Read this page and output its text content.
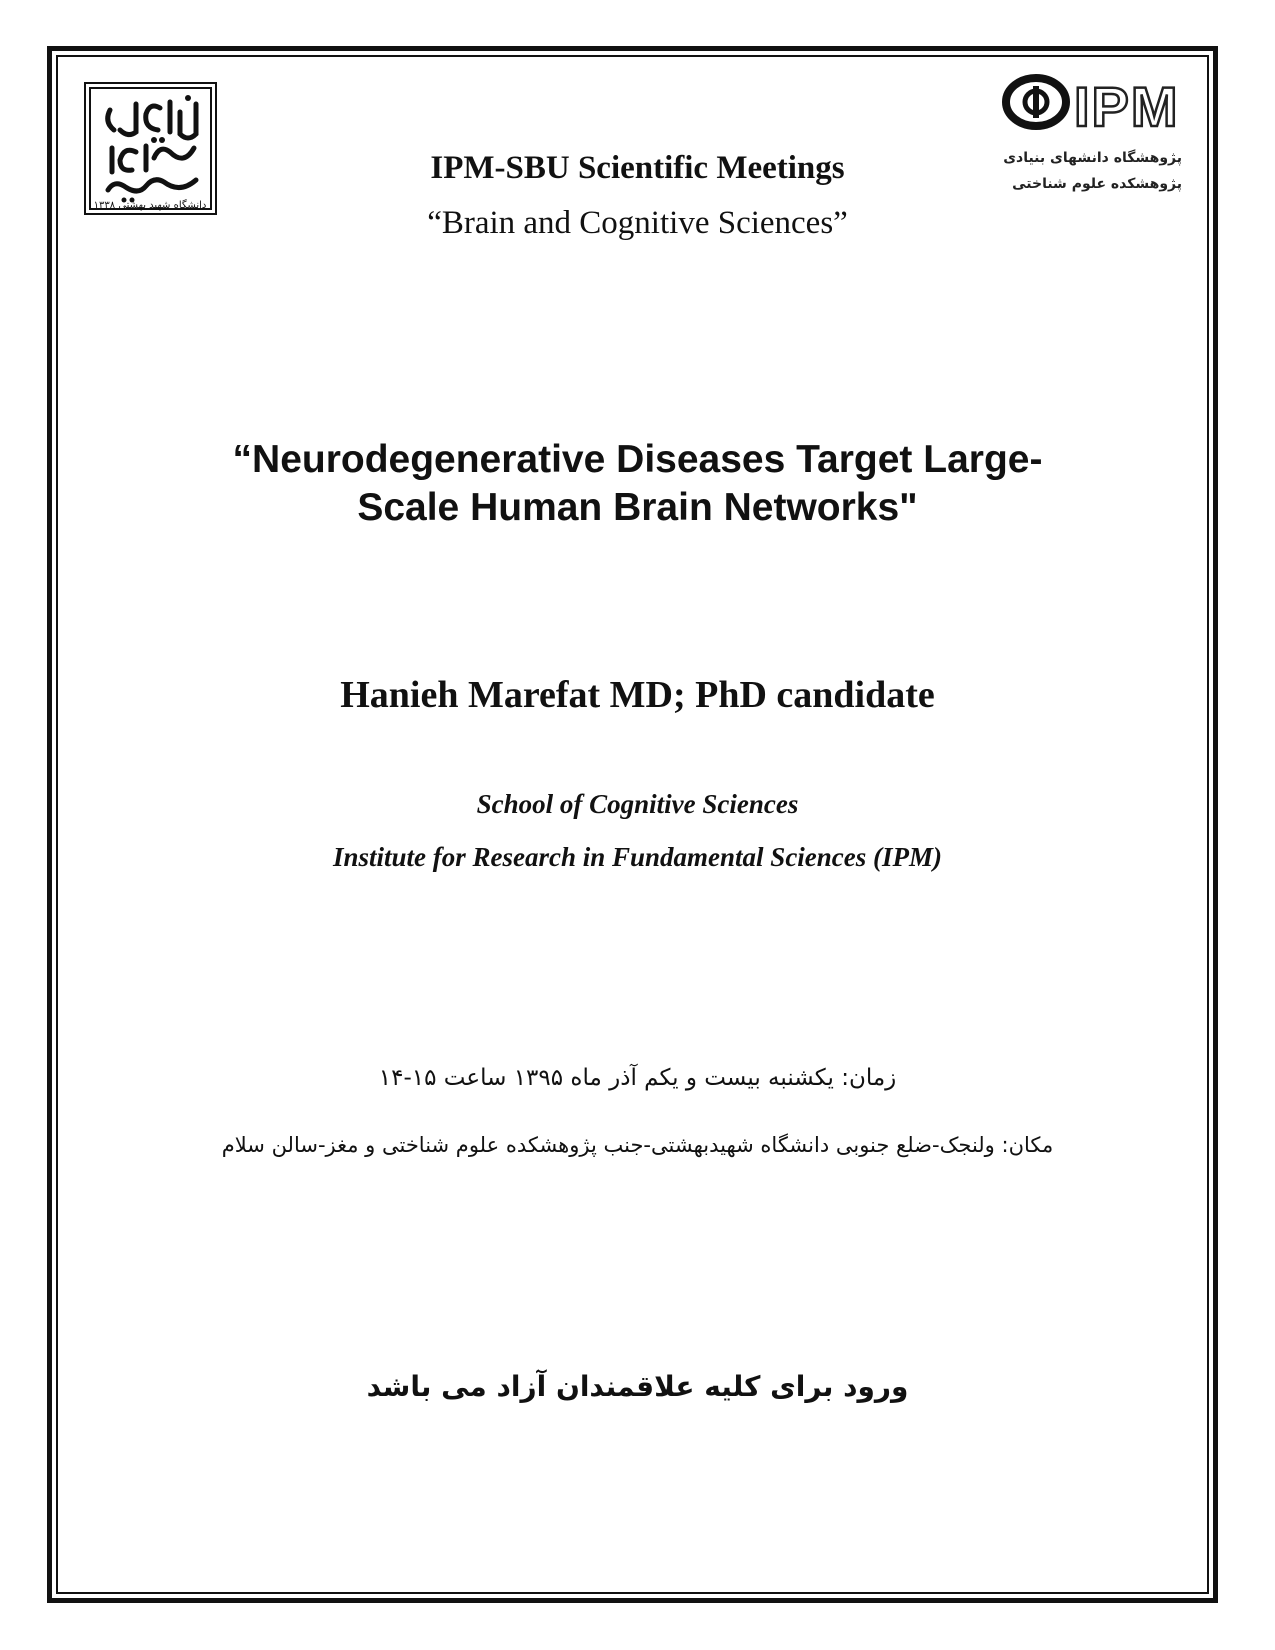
دانشگاه شهید بهشتی ۱۳۳۸
IPM
پژوهشگاه دانشهای بنیادی
پژوهشکده علوم شناختی
IPM-SBU Scientific Meetings
“Brain and Cognitive Sciences”
“Neurodegenerative Diseases Target Large-
Scale Human Brain Networks"
Hanieh Marefat MD; PhD candidate
School of Cognitive Sciences
Institute for Research in Fundamental Sciences (IPM)
زمان: یکشنبه بیست و یکم آذر ماه ۱۳۹۵ ساعت ۱۵-۱۴
مکان: ولنجک-ضلع جنوبی دانشگاه شهیدبهشتی-جنب پژوهشکده علوم شناختی و مغز-سالن سلام
ورود برای کلیه علاقمندان آزاد می باشد
